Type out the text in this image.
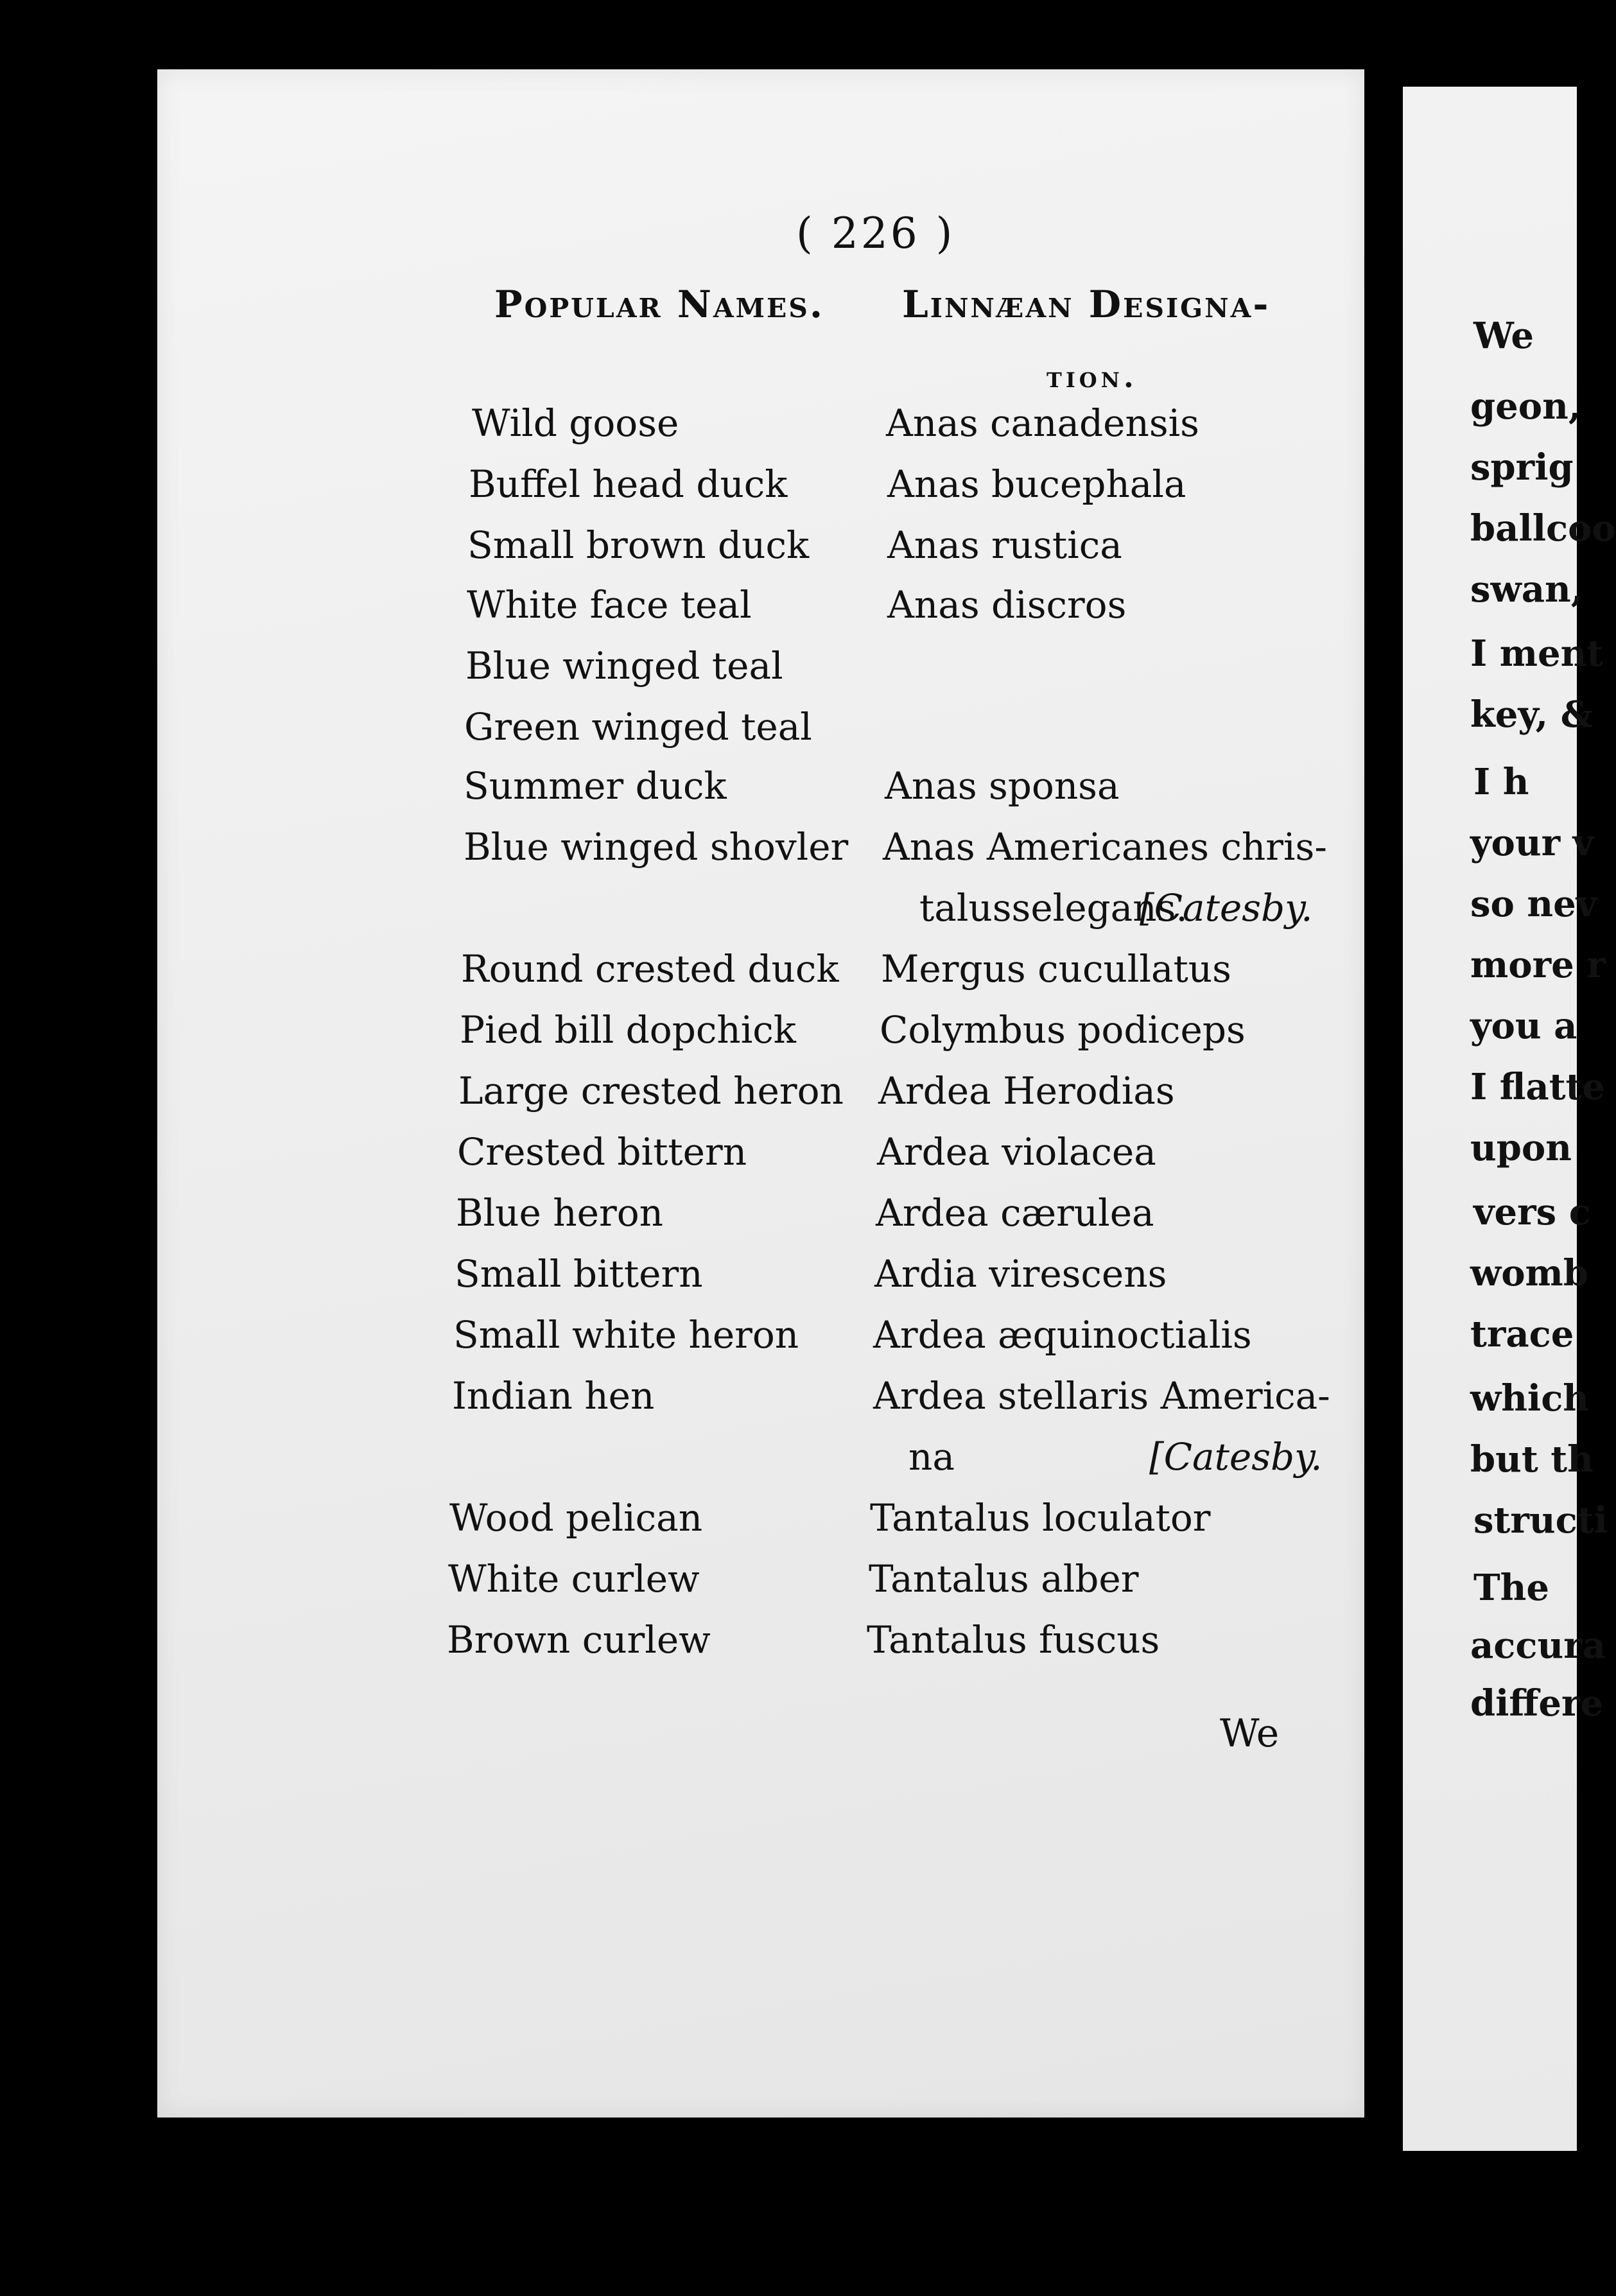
( 226 )
Popular Names. Linnæan Designa-
tion.
Wild goose	Anas canadensis
Buffel head duck	Anas bucephala
Small brown duck Anas rustica
White face teal	Anas discros
Blue winged teal
Green winged teal
Summer duck	Anas sponsa
Blue winged shovler Anas Americanes chris-
talusselegans.
[Catesby.
Round crested duck Mergus cucullatus
Pied bill dopchick Colymbus podiceps
Large crested heron Ardea Herodias
Crested bittern	Ardea violacea
Blue heron	Ardea cærulea
Small bittern	Ardia virescens
Small white heron Ardea æquinoctialis
Indian hen	Ardea stellaris America-
na	[Catesby.
Wood pelican	Tantalus loculator
White curlew	Tantalus alber
Brown curlew	Tantalus fuscus
We
We
geon,
sprig
ballcoo
swan,
I ment
key, &
I h
your v
so nev
more r
you a
I flatte
upon
vers c
womb
trace
which
but th
structi
The
accura
differe
